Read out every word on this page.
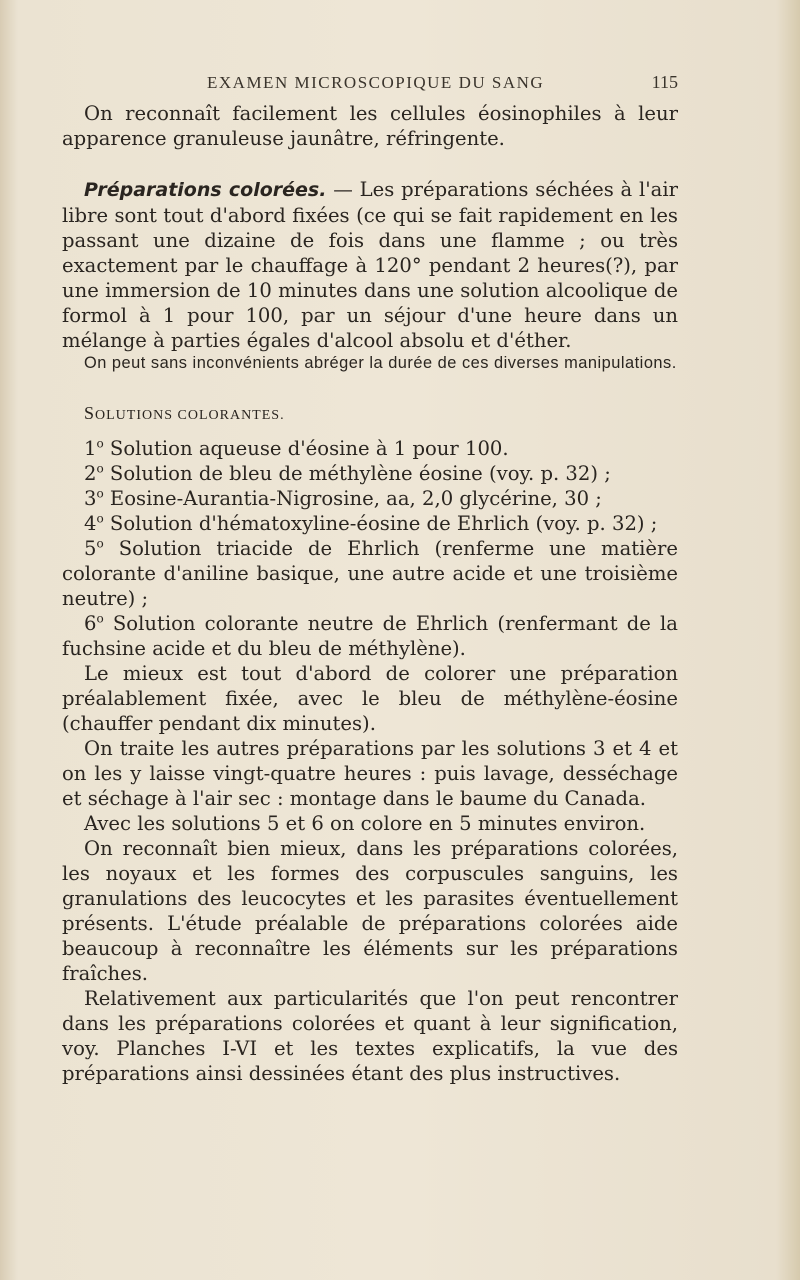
EXAMEN MICROSCOPIQUE DU SANG	115

On reconnaît facilement les cellules éosinophiles à leur apparence granuleuse jaunâtre, réfringente.

Préparations colorées. — Les préparations séchées à l'air libre sont tout d'abord fixées (ce qui se fait rapidement en les passant une dizaine de fois dans une flamme ; ou très exactement par le chauffage à 120° pendant 2 heures(?), par une immersion de 10 minutes dans une solution alcoolique de formol à 1 pour 100, par un séjour d'une heure dans un mélange à parties égales d'alcool absolu et d'éther.

On peut sans inconvénients abréger la durée de ces diverses manipulations.

SOLUTIONS COLORANTES.

1$^o$ Solution aqueuse d'éosine à 1 pour 100.

2$^o$ Solution de bleu de méthylène éosine (voy. p. 32) ;

3$^o$ Eosine-Aurantia-Nigrosine, aa, 2,0 glycérine, 30 ;

4$^o$ Solution d'hématoxyline-éosine de Ehrlich (voy. p. 32) ;

5$^o$ Solution triacide de Ehrlich (renferme une matière colorante d'aniline basique, une autre acide et une troisième neutre) ;

6$^o$ Solution colorante neutre de Ehrlich (renfermant de la fuchsine acide et du bleu de méthylène).

Le mieux est tout d'abord de colorer une préparation préalablement fixée, avec le bleu de méthylène-éosine (chauffer pendant dix minutes).

On traite les autres préparations par les solutions 3 et 4 et on les y laisse vingt-quatre heures : puis lavage, desséchage et séchage à l'air sec : montage dans le baume du Canada.

Avec les solutions 5 et 6 on colore en 5 minutes environ.

On reconnaît bien mieux, dans les préparations colorées, les noyaux et les formes des corpuscules sanguins, les granulations des leucocytes et les parasites éventuellement présents. L'étude préalable de préparations colorées aide beaucoup à reconnaître les éléments sur les préparations fraîches.

Relativement aux particularités que l'on peut rencontrer dans les préparations colorées et quant à leur signification, voy. Planches I-VI et les textes explicatifs, la vue des préparations ainsi dessinées étant des plus instructives.
